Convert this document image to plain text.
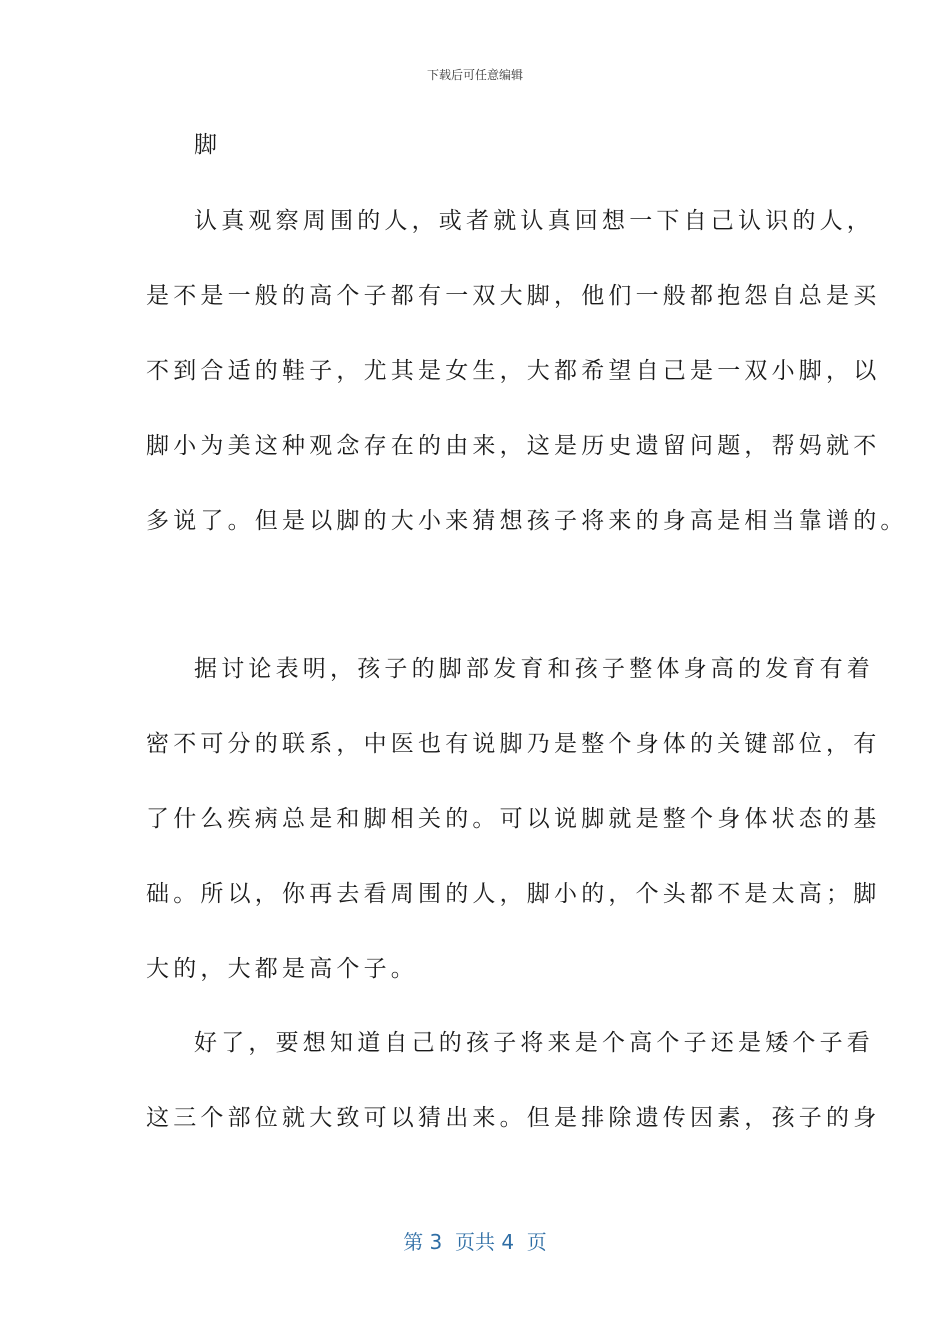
下载后可任意编辑
脚
认真观察周围的人，或者就认真回想一下自己认识的人，
是不是一般的高个子都有一双大脚，他们一般都抱怨自总是买
不到合适的鞋子，尤其是女生，大都希望自己是一双小脚，以
脚小为美这种观念存在的由来，这是历史遗留问题，帮妈就不
多说了。但是以脚的大小来猜想孩子将来的身高是相当靠谱的。
据讨论表明，孩子的脚部发育和孩子整体身高的发育有着
密不可分的联系，中医也有说脚乃是整个身体的关键部位，有
了什么疾病总是和脚相关的。可以说脚就是整个身体状态的基
础。所以，你再去看周围的人，脚小的，个头都不是太高；脚
大的，大都是高个子。
好了，要想知道自己的孩子将来是个高个子还是矮个子看
这三个部位就大致可以猜出来。但是排除遗传因素，孩子的身
第 3  页共 4  页
